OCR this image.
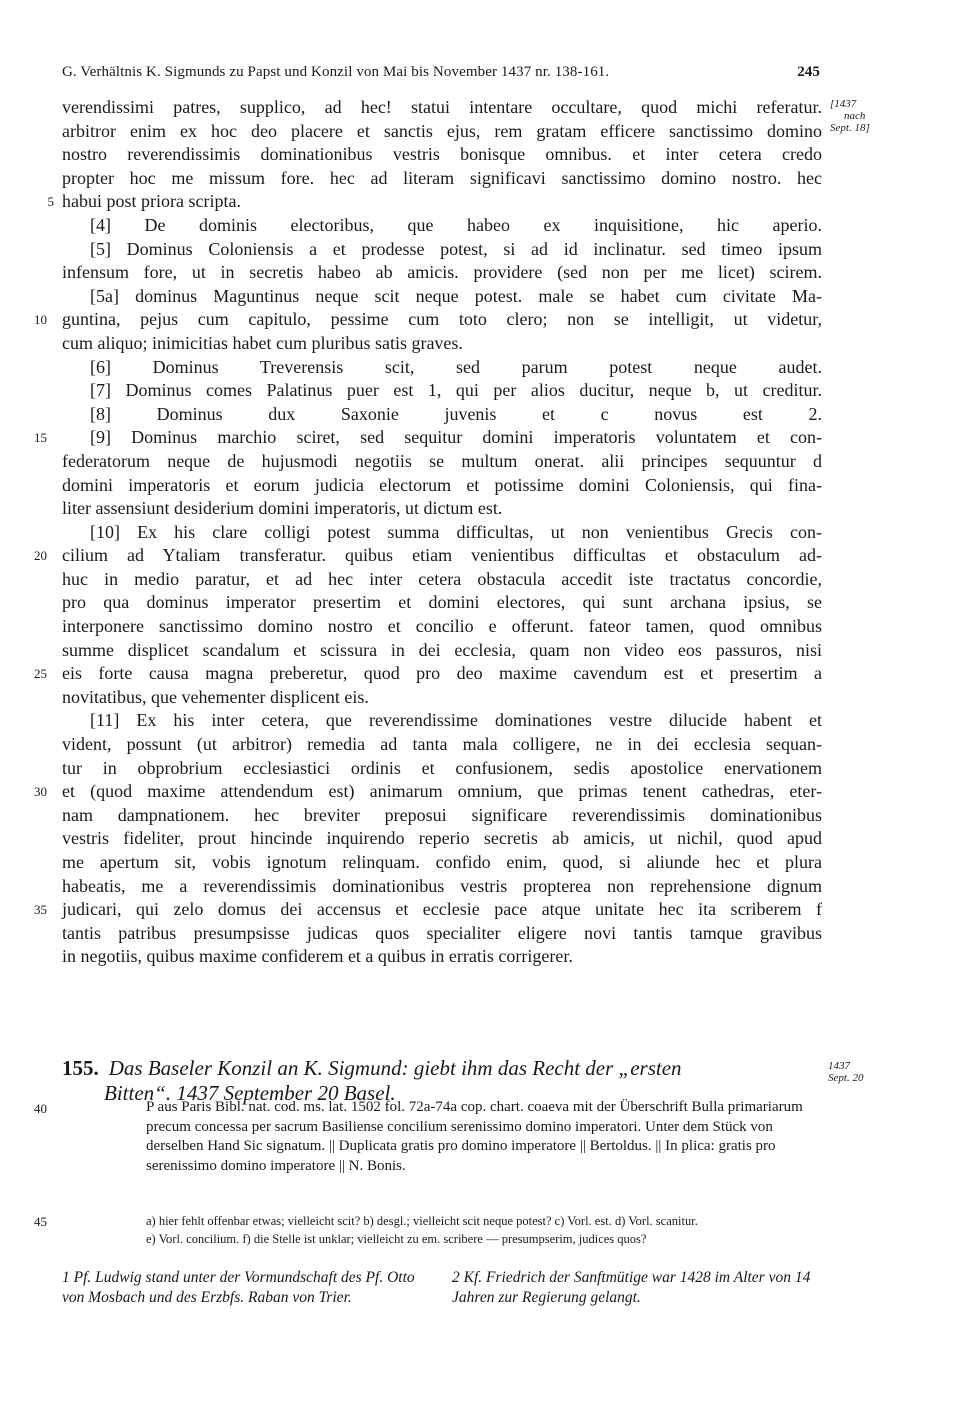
G. Verhältnis K. Sigmunds zu Papst und Konzil von Mai bis November 1437 nr. 138-161.	245
[1437
nach
Sept. 18]
verendissimi patres, supplico, ad hec! statui intentare occultare, quod michi referatur.
arbitror enim ex hoc deo placere et sanctis ejus, rem gratam efficere sanctissimo domino
nostro reverendissimis dominationibus vestris bonisque omnibus. et inter cetera credo
propter hoc me missum fore. hec ad literam significavi sanctissimo domino nostro. hec
5 habui post priora scripta.
[4] De dominis electoribus, que habeo ex inquisitione, hic aperio.
[5] Dominus Coloniensis a et prodesse potest, si ad id inclinatur. sed timeo ipsum
infensum fore, ut in secretis habeo ab amicis. providere (sed non per me licet) scirem.
[5a] dominus Maguntinus neque scit neque potest. male se habet cum civitate Ma-
10 guntina, pejus cum capitulo, pessime cum toto clero; non se intelligit, ut videtur,
cum aliquo; inimicitias habet cum pluribus satis graves.
[6] Dominus Treverensis scit, sed parum potest neque audet.
[7] Dominus comes Palatinus puer est 1, qui per alios ducitur, neque b, ut creditur.
[8] Dominus dux Saxonie juvenis et c novus est 2.
15	[9] Dominus marchio sciret, sed sequitur domini imperatoris voluntatem et con-
federatorum neque de hujusmodi negotiis se multum onerat. alii principes sequuntur d
domini imperatoris et eorum judicia electorum et potissime domini Coloniensis, qui fina-
liter assensiunt desiderium domini imperatoris, ut dictum est.
[10] Ex his clare colligi potest summa difficultas, ut non venientibus Grecis con-
20 cilium ad Ytaliam transferatur. quibus etiam venientibus difficultas et obstaculum ad-
huc in medio paratur, et ad hec inter cetera obstacula accedit iste tractatus concordie,
pro qua dominus imperator presertim et domini electores, qui sunt archana ipsius, se
interponere sanctissimo domino nostro et concilio e offerunt. fateor tamen, quod omnibus
summe displicet scandalum et scissura in dei ecclesia, quam non video eos passuros, nisi
25 eis forte causa magna preberetur, quod pro deo maxime cavendum est et presertim a
novitatibus, que vehementer displicent eis.
[11] Ex his inter cetera, que reverendissime dominationes vestre dilucide habent et
vident, possunt (ut arbitror) remedia ad tanta mala colligere, ne in dei ecclesia sequan-
tur in obprobrium ecclesiastici ordinis et confusionem, sedis apostolice enervationem
30 et (quod maxime attendendum est) animarum omnium, que primas tenent cathedras, eter-
nam dampnationem. hec breviter preposui significare reverendissimis dominationibus
vestris fideliter, prout hincinde inquirendo reperio secretis ab amicis, ut nichil, quod apud
me apertum sit, vobis ignotum relinquam. confido enim, quod, si aliunde hec et plura
habeatis, me a reverendissimis dominationibus vestris propterea non reprehensione dignum
35 judicari, qui zelo domus dei accensus et ecclesie pace atque unitate hec ita scriberem f
tantis patribus presumpsisse judicas quos specialiter eligere novi tantis tamque gravibus
in negotiis, quibus maxime confiderem et a quibus in erratis corrigerer.
155. Das Baseler Konzil an K. Sigmund: giebt ihm das Recht der „ersten
Bitten“. 1437 September 20 Basel.
1437
Sept. 20
40	P aus Paris Bibl. nat. cod. ms. lat. 1502 fol. 72a-74a cop. chart. coaeva mit der Überschrift Bulla primariarum precum concessa per sacrum Basiliense concilium serenissimo domino imperatori. Unter dem Stück von derselben Hand Sic signatum. || Duplicata gratis pro domino imperatore || Bertoldus. || In plica: gratis pro serenissimo domino imperatore || N. Bonis.
45	a) hier fehlt offenbar etwas; vielleicht scit? b) desgl.; vielleicht scit neque potest? c) Vorl. est. d) Vorl. scanitur.
e) Vorl. concilium. f) die Stelle ist unklar; vielleicht zu em. scribere — presumpserim, judices quos?
1 Pf. Ludwig stand unter der Vormundschaft des Pf. Otto von Mosbach und des Erzbfs. Raban von Trier.
2 Kf. Friedrich der Sanftmütige war 1428 im Alter von 14 Jahren zur Regierung gelangt.
